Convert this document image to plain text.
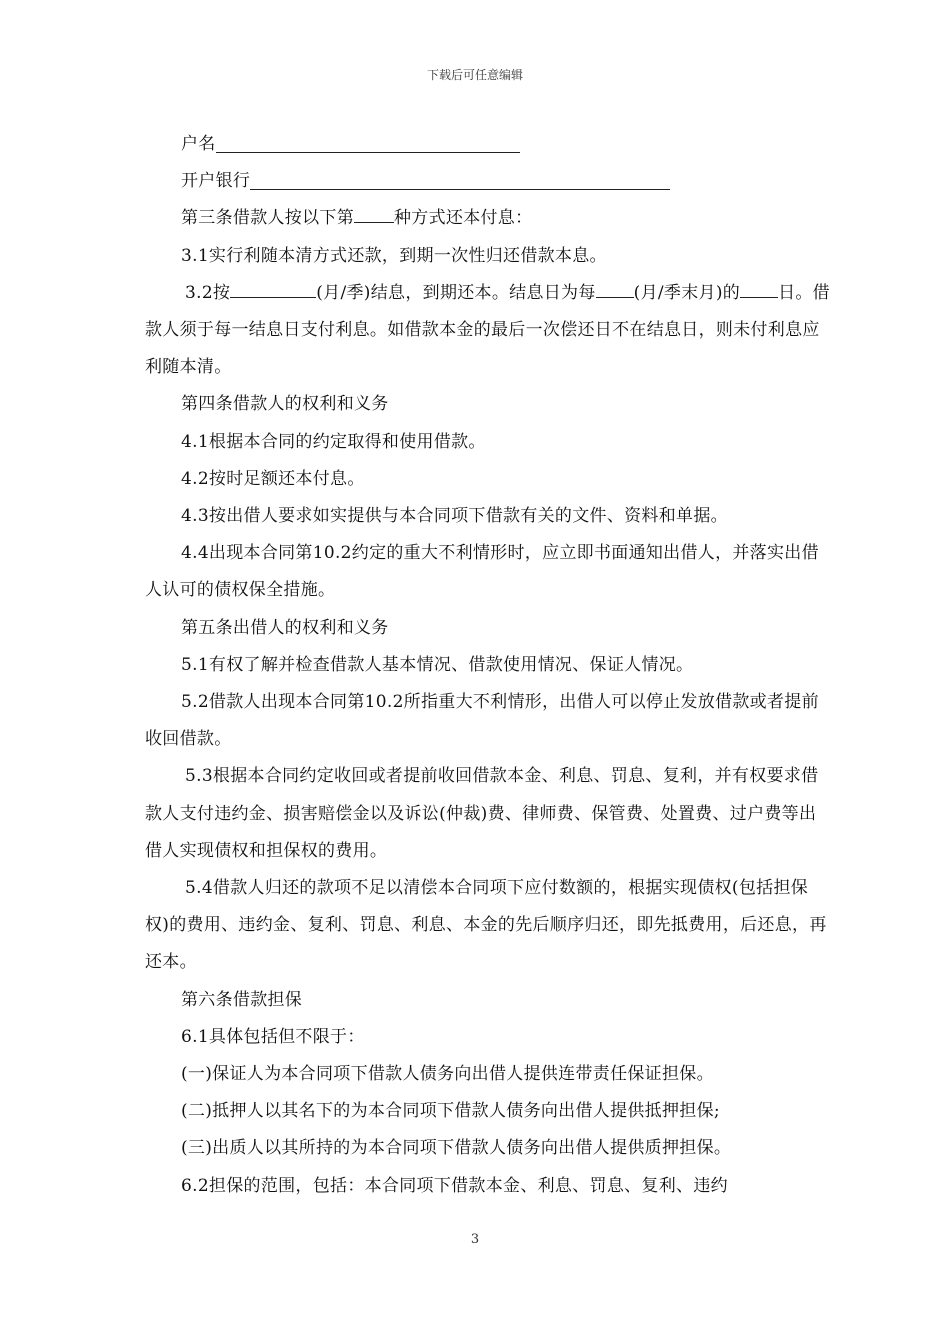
下载后可任意编辑

户名

开户银行

第三条借款人按以下第 种方式还本付息：

3.1实行利随本清方式还款，到期一次性归还借款本息。

3.2按	(月/季)结息，到期还本。结息日为每 (月/季末月)的 日。借款人须于每一结息日支付利息。如借款本金的最后一次偿还日不在结息日，则未付利息应利随本清。

第四条借款人的权利和义务

4.1根据本合同的约定取得和使用借款。

4.2按时足额还本付息。

4.3按出借人要求如实提供与本合同项下借款有关的文件、资料和单据。

4.4出现本合同第10.2约定的重大不利情形时，应立即书面通知出借人，并落实出借人认可的债权保全措施。

第五条出借人的权利和义务

5.1有权了解并检查借款人基本情况、借款使用情况、保证人情况。

5.2借款人出现本合同第10.2所指重大不利情形，出借人可以停止发放借款或者提前收回借款。

5.3根据本合同约定收回或者提前收回借款本金、利息、罚息、复利，并有权要求借款人支付违约金、损害赔偿金以及诉讼(仲裁)费、律师费、保管费、处置费、过户费等出借人实现债权和担保权的费用。

5.4借款人归还的款项不足以清偿本合同项下应付数额的，根据实现债权(包括担保权)的费用、违约金、复利、罚息、利息、本金的先后顺序归还，即先抵费用，后还息，再还本。

第六条借款担保

6.1具体包括但不限于：

(一)保证人为本合同项下借款人债务向出借人提供连带责任保证担保。

(二)抵押人以其名下的为本合同项下借款人债务向出借人提供抵押担保;

(三)出质人以其所持的为本合同项下借款人债务向出借人提供质押担保。

6.2担保的范围，包括：本合同项下借款本金、利息、罚息、复利、违约

3
